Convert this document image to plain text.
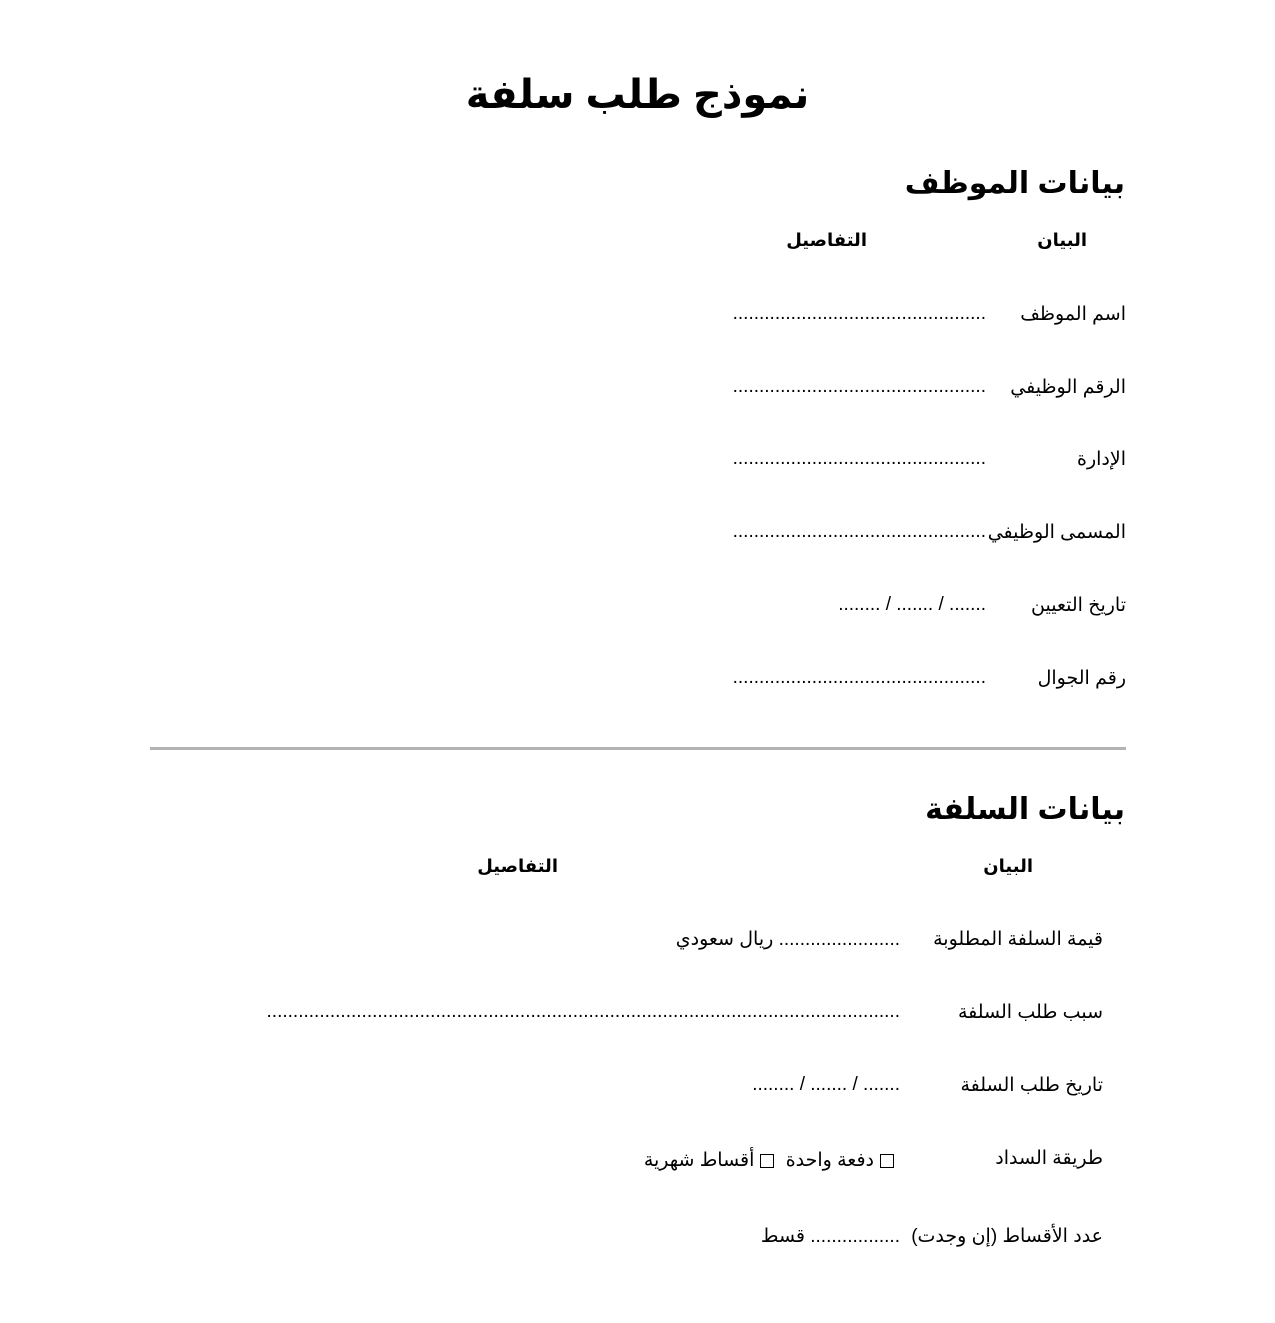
نموذج طلب سلفة
بيانات الموظف
البيان
التفاصيل
اسم الموظف
................................................
الرقم الوظيفي
................................................
الإدارة
................................................
المسمى الوظيفي
................................................
تاريخ التعيين
....... / ....... / ........
رقم الجوال
................................................
بيانات السلفة
البيان
التفاصيل
قيمة السلفة المطلوبة
....................... ريال سعودي
سبب طلب السلفة
........................................................................................................................
تاريخ طلب السلفة
....... / ....... / ........
طريقة السداد
دفعة واحدة أقساط شهرية
عدد الأقساط (إن وجدت)
................. قسط
